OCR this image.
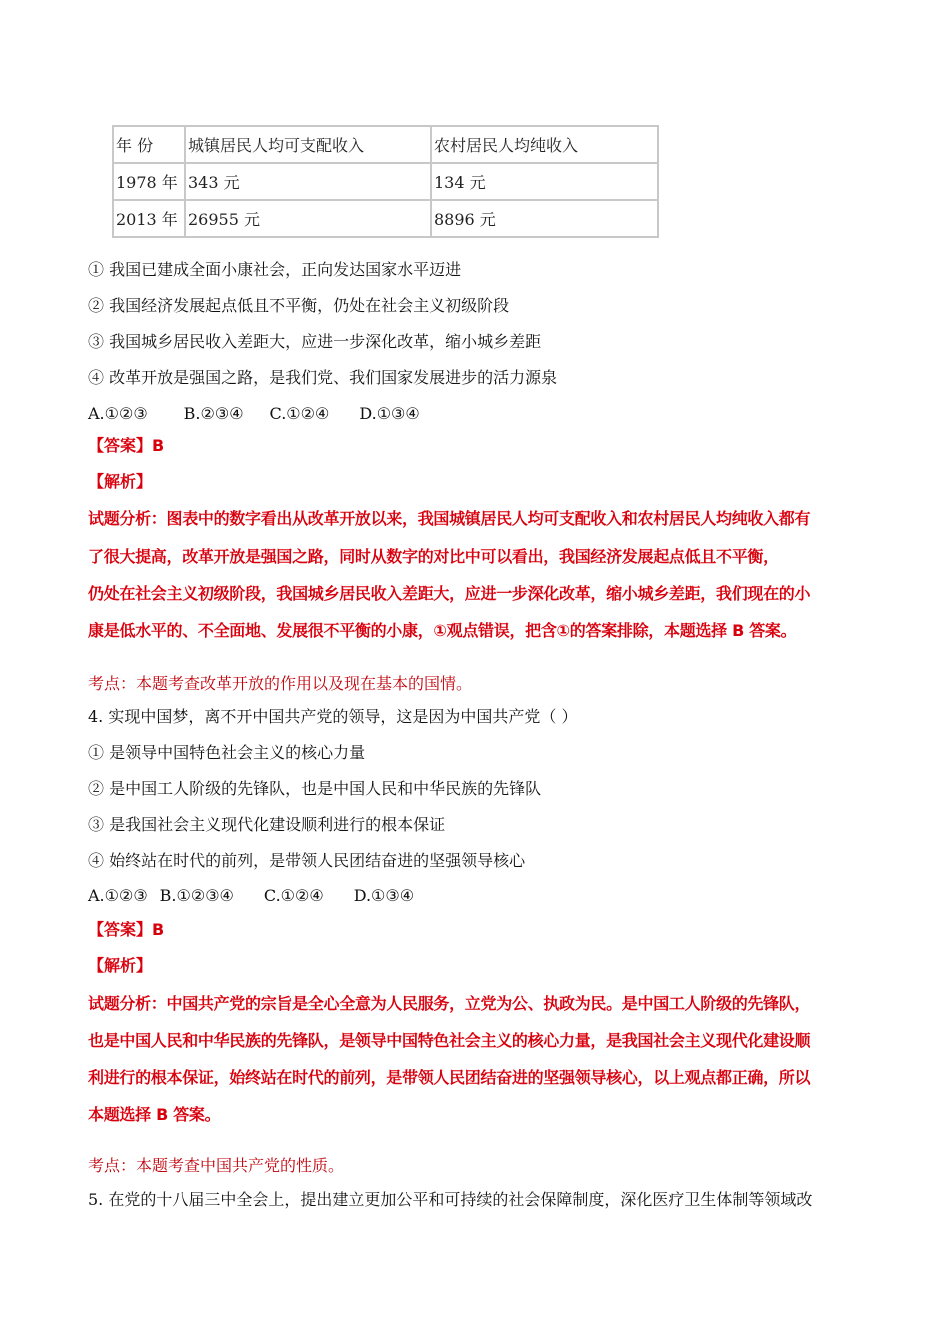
年 份	城镇居民人均可支配收入	农村居民人均纯收入
1978 年	343 元	134 元
2013 年	26955 元	8896 元
① 我国已建成全面小康社会，正向发达国家水平迈进
② 我国经济发展起点低且不平衡，仍处在社会主义初级阶段
③ 我国城乡居民收入差距大，应进一步深化改革，缩小城乡差距
④ 改革开放是强国之路，是我们党、我们国家发展进步的活力源泉
A.①②③ B.②③④ C.①②④ D.①③④
【答案】B
【解析】
试题分析：图表中的数字看出从改革开放以来，我国城镇居民人均可支配收入和农村居民人均纯收入都有
了很大提高，改革开放是强国之路，同时从数字的对比中可以看出，我国经济发展起点低且不平衡，
仍处在社会主义初级阶段，我国城乡居民收入差距大，应进一步深化改革，缩小城乡差距，我们现在的小
康是低水平的、不全面地、发展很不平衡的小康，①观点错误，把含①的答案排除，本题选择 B 答案。
考点：本题考查改革开放的作用以及现在基本的国情。
4. 实现中国梦，离不开中国共产党的领导，这是因为中国共产党（ ）
① 是领导中国特色社会主义的核心力量
② 是中国工人阶级的先锋队，也是中国人民和中华民族的先锋队
③ 是我国社会主义现代化建设顺利进行的根本保证
④ 始终站在时代的前列，是带领人民团结奋进的坚强领导核心
A.①②③ B.①②③④ C.①②④ D.①③④
【答案】B
【解析】
试题分析：中国共产党的宗旨是全心全意为人民服务，立党为公、执政为民。是中国工人阶级的先锋队，
也是中国人民和中华民族的先锋队，是领导中国特色社会主义的核心力量，是我国社会主义现代化建设顺
利进行的根本保证，始终站在时代的前列，是带领人民团结奋进的坚强领导核心，以上观点都正确，所以
本题选择 B 答案。
考点：本题考查中国共产党的性质。
5. 在党的十八届三中全会上，提出建立更加公平和可持续的社会保障制度，深化医疗卫生体制等领域改
